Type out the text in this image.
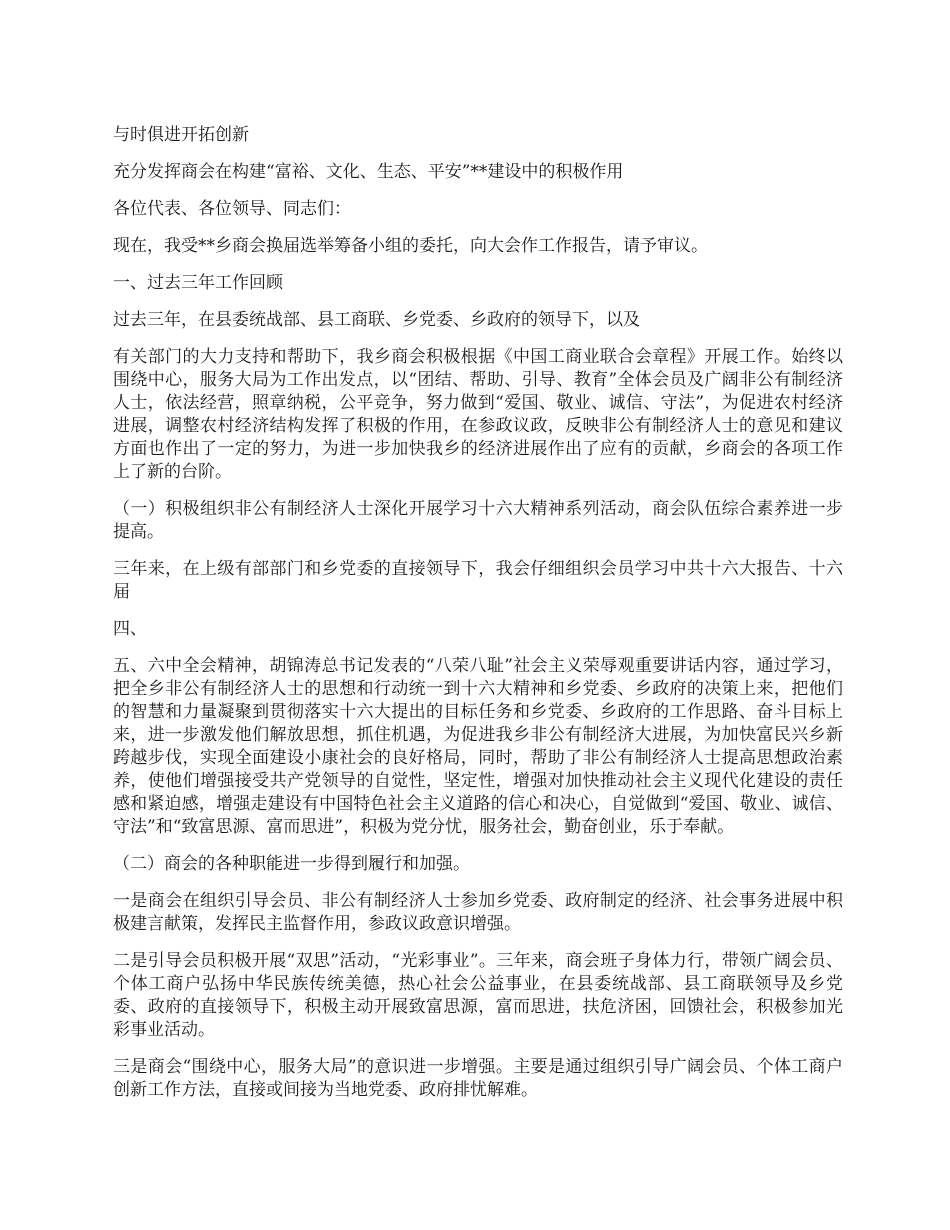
与时俱进开拓创新

充分发挥商会在构建“富裕、文化、生态、平安”**建设中的积极作用

各位代表、各位领导、同志们：

现在，我受**乡商会换届选举筹备小组的委托，向大会作工作报告，请予审议。

一、过去三年工作回顾

过去三年，在县委统战部、县工商联、乡党委、乡政府的领导下，以及

有关部门的大力支持和帮助下，我乡商会积极根据《中国工商业联合会章程》开展工作。始终以围绕中心，服务大局为工作出发点，以“团结、帮助、引导、教育”全体会员及广阔非公有制经济人士，依法经营，照章纳税，公平竞争，努力做到“爱国、敬业、诚信、守法”，为促进农村经济进展，调整农村经济结构发挥了积极的作用，在参政议政，反映非公有制经济人士的意见和建议方面也作出了一定的努力，为进一步加快我乡的经济进展作出了应有的贡献，乡商会的各项工作上了新的台阶。

（一）积极组织非公有制经济人士深化开展学习十六大精神系列活动，商会队伍综合素养进一步提高。

三年来，在上级有部部门和乡党委的直接领导下，我会仔细组织会员学习中共十六大报告、十六届

四、

五、六中全会精神，胡锦涛总书记发表的“八荣八耻”社会主义荣辱观重要讲话内容，通过学习，把全乡非公有制经济人士的思想和行动统一到十六大精神和乡党委、乡政府的决策上来，把他们的智慧和力量凝聚到贯彻落实十六大提出的目标任务和乡党委、乡政府的工作思路、奋斗目标上来，进一步激发他们解放思想，抓住机遇，为促进我乡非公有制经济大进展，为加快富民兴乡新跨越步伐，实现全面建设小康社会的良好格局，同时，帮助了非公有制经济人士提高思想政治素养，使他们增强接受共产党领导的自觉性，坚定性，增强对加快推动社会主义现代化建设的责任感和紧迫感，增强走建设有中国特色社会主义道路的信心和决心，自觉做到“爱国、敬业、诚信、守法”和“致富思源、富而思进”，积极为党分忧，服务社会，勤奋创业，乐于奉献。

（二）商会的各种职能进一步得到履行和加强。

一是商会在组织引导会员、非公有制经济人士参加乡党委、政府制定的经济、社会事务进展中积极建言献策，发挥民主监督作用，参政议政意识增强。

二是引导会员积极开展“双思”活动，“光彩事业”。三年来，商会班子身体力行，带领广阔会员、个体工商户弘扬中华民族传统美德，热心社会公益事业，在县委统战部、县工商联领导及乡党委、政府的直接领导下，积极主动开展致富思源，富而思进，扶危济困，回馈社会，积极参加光彩事业活动。

三是商会“围绕中心，服务大局”的意识进一步增强。主要是通过组织引导广阔会员、个体工商户创新工作方法，直接或间接为当地党委、政府排忧解难。
